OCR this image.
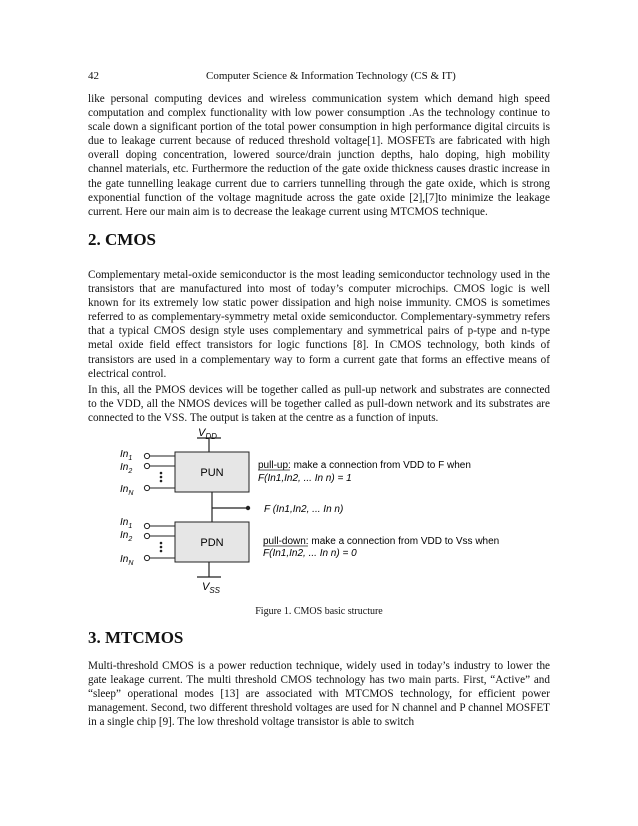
42	Computer Science & Information Technology (CS & IT)

like personal computing devices and wireless communication system which demand high speed computation and complex functionality with low power consumption .As the technology continue to scale down a significant portion of the total power consumption in high performance digital circuits is due to leakage current because of reduced threshold voltage[1]. MOSFETs are fabricated with high overall doping concentration, lowered source/drain junction depths, halo doping, high mobility channel materials, etc. Furthermore the reduction of the gate oxide thickness causes drastic increase in the gate tunnelling leakage current due to carriers tunnelling through the gate oxide, which is strong exponential function of the voltage magnitude across the gate oxide [2],[7]to minimize the leakage current. Here our main aim is to decrease the leakage current using MTCMOS technique.

2. CMOS

Complementary metal-oxide semiconductor is the most leading semiconductor technology used in the transistors that are manufactured into most of today’s computer microchips. CMOS logic is well known for its extremely low static power dissipation and high noise immunity. CMOS is sometimes referred to as complementary-symmetry metal oxide semiconductor. Complementary-symmetry refers that a typical CMOS design style uses complementary and symmetrical pairs of p-type and n-type metal oxide field effect transistors for logic functions [8]. In CMOS technology, both kinds of transistors are used in a complementary way to form a current gate that forms an effective means of electrical control.

In this, all the PMOS devices will be together called as pull-up network and substrates are connected to the VDD, all the NMOS devices will be together called as pull-down network and its substrates are connected to the VSS. The output is taken at the centre as a function of inputs.

$V_{DD}$
PUN
$In_1$
$In_2$
$In_N$
F (In1,In2, ... In n)
PDN
$In_1$
$In_2$
$In_N$
$V_{SS}$
pull-up: make a connection from VDD to F when
F(In1,In2, ... In n) = 1
pull-down: make a connection from VDD to Vss when
F(In1,In2, ... In n) = 0
Figure 1. CMOS basic structure
3. MTCMOS

Multi-threshold CMOS is a power reduction technique, widely used in today’s industry to lower the gate leakage current. The multi threshold CMOS technology has two main parts. First, “Active” and “sleep” operational modes [13] are associated with MTCMOS technology, for efficient power management. Second, two different threshold voltages are used for N channel and P channel MOSFET in a single chip [9]. The low threshold voltage transistor is able to switch
